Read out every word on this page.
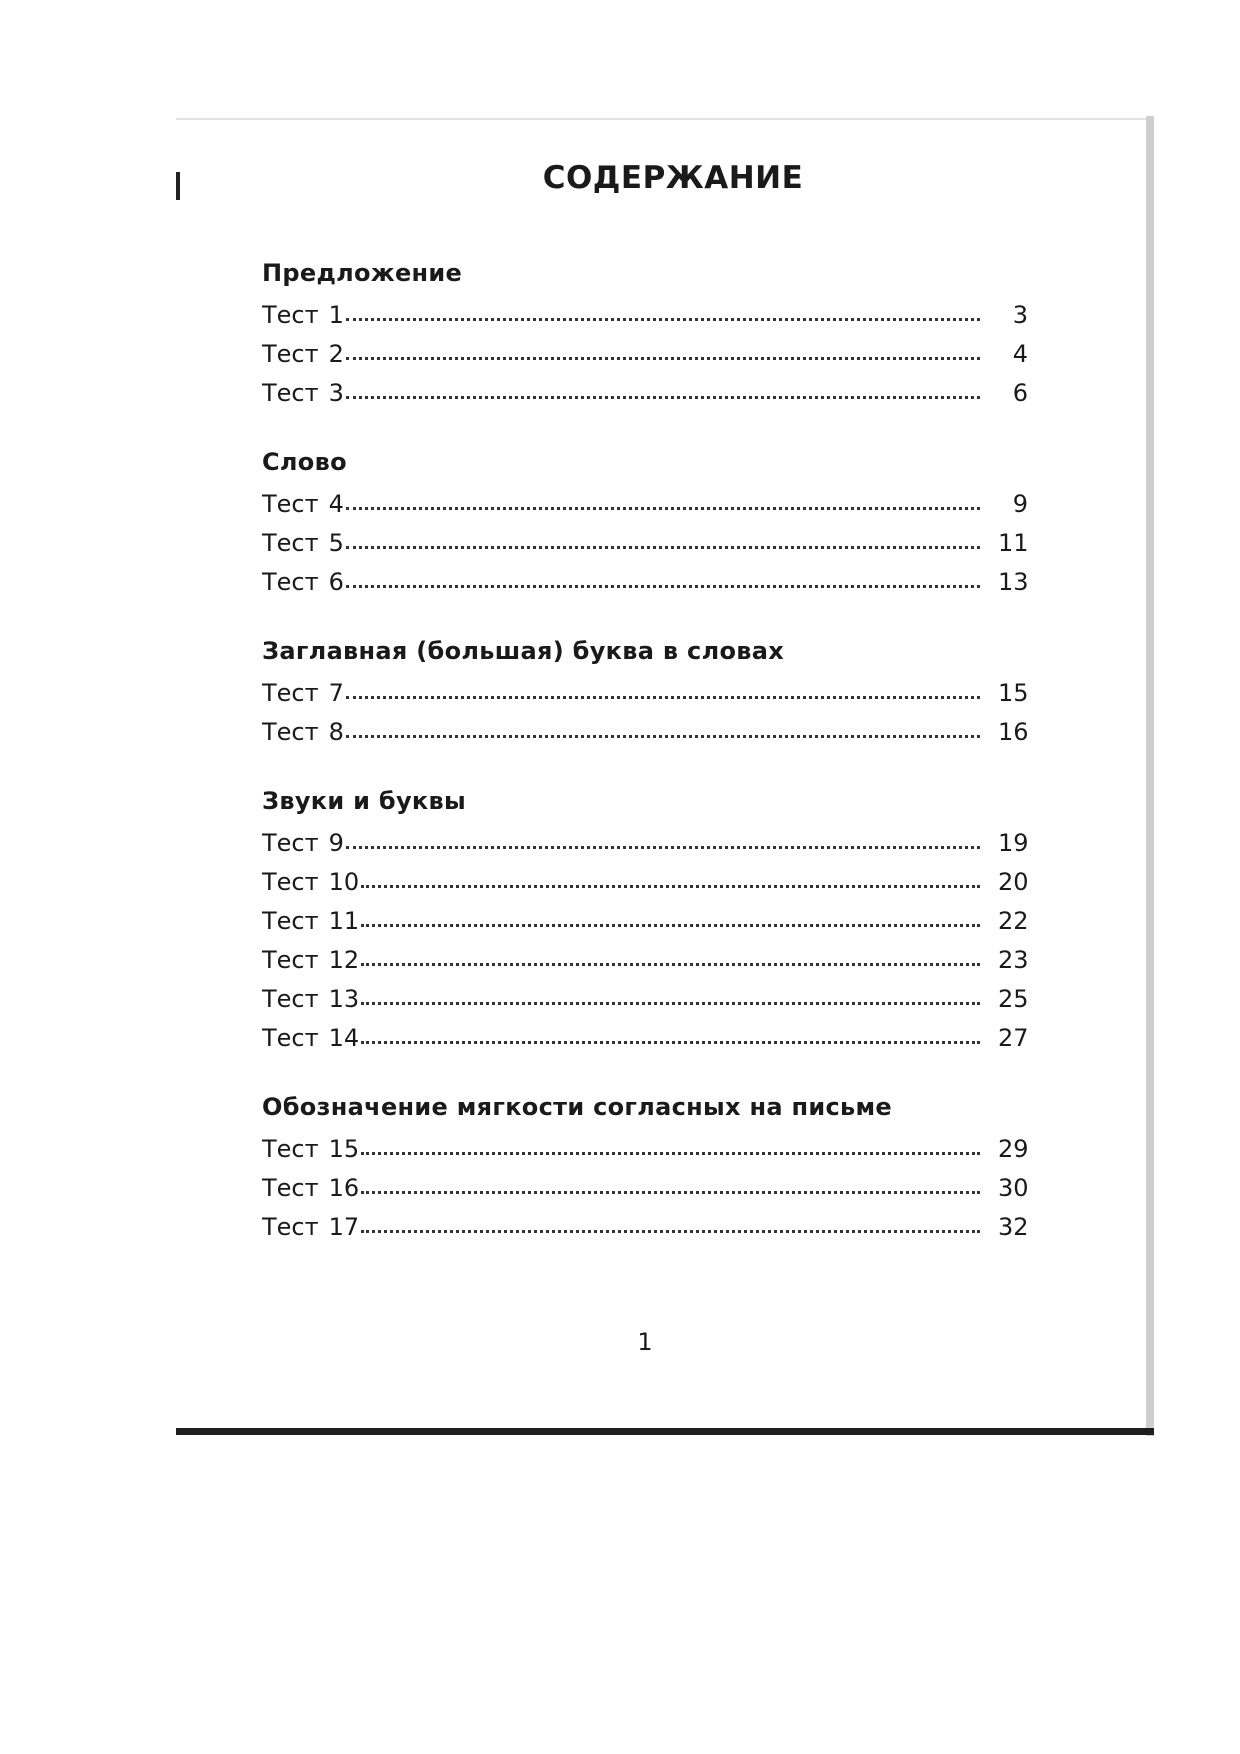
СОДЕРЖАНИЕ
Предложение
Тест 1	3
Тест 2	4
Тест 3	6
Слово
Тест 4	9
Тест 5	11
Тест 6	13
Заглавная (большая) буква в словах
Тест 7	15
Тест 8	16
Звуки и буквы
Тест 9	19
Тест 10	20
Тест 11	22
Тест 12	23
Тест 13	25
Тест 14	27
Обозначение мягкости согласных на письме
Тест 15	29
Тест 16	30
Тест 17	32
1
